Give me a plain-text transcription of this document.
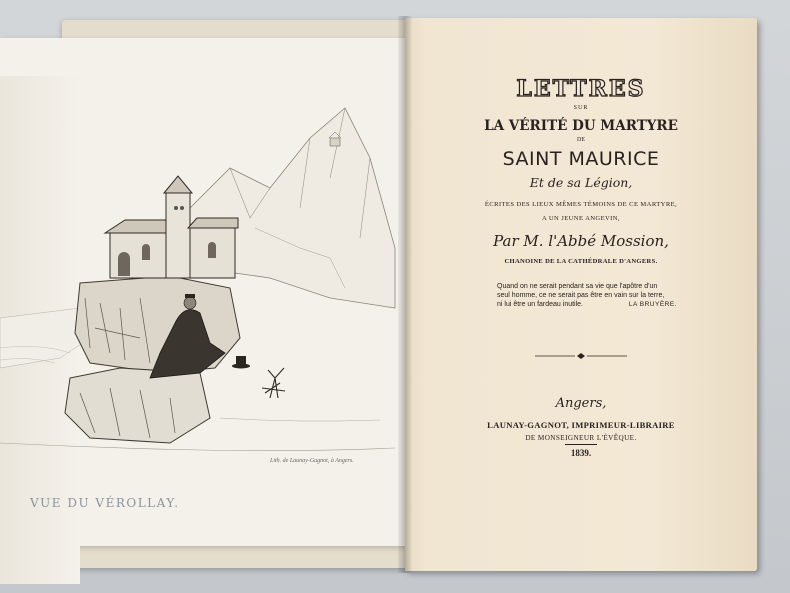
Lith. de Launay-Gagnot, à Angers.
VUE DU VÉROLLAY.
LETTRES
SUR
LA VÉRITÉ DU MARTYRE
DE
SAINT MAURICE
Et de sa Légion,
ÉCRITES DES LIEUX MÊMES TÉMOINS DE CE MARTYRE,
A UN JEUNE ANGEVIN,
Par M. l'Abbé Mossion,
CHANOINE DE LA CATHÉDRALE D'ANGERS.
Quand on ne serait pendant sa vie que l'apôtre d'un
seul homme, ce ne serait pas être en vain sur la terre,
ni lui être un fardeau inutile.	LA BRUYÈRE.
Angers,
LAUNAY-GAGNOT, IMPRIMEUR-LIBRAIRE
DE MONSEIGNEUR L'ÉVÊQUE.
1839.
